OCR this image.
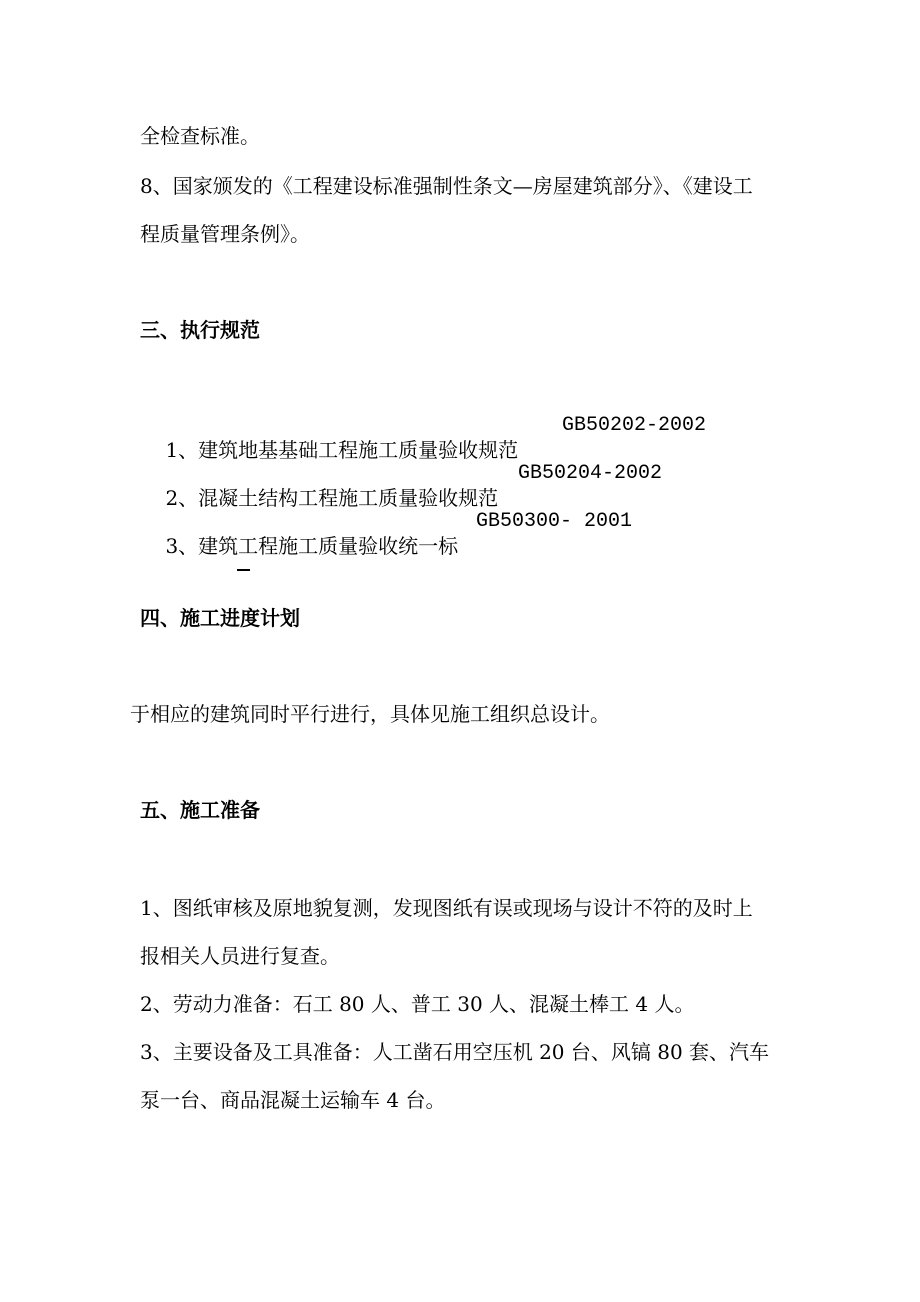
全检查标准。
8、国家颁发的《工程建设标准强制性条文—房屋建筑部分》、《建设工
程质量管理条例》。
三、执行规范

1、建筑地基基础工程施工质量验收规范
GB50202-2002

2、混凝土结构工程施工质量验收规范
GB50204-2002

3、建筑工程施工质量验收统一标
GB50300- 2001

四、施工进度计划
于相应的建筑同时平行进行，具体见施工组织总设计。
五、施工准备
1、图纸审核及原地貌复测，发现图纸有误或现场与设计不符的及时上
报相关人员进行复查。
2、劳动力准备：石工 80 人、普工 30 人、混凝土棒工 4 人。
3、主要设备及工具准备：人工凿石用空压机 20 台、风镐 80 套、汽车
泵一台、商品混凝土运输车 4 台。
